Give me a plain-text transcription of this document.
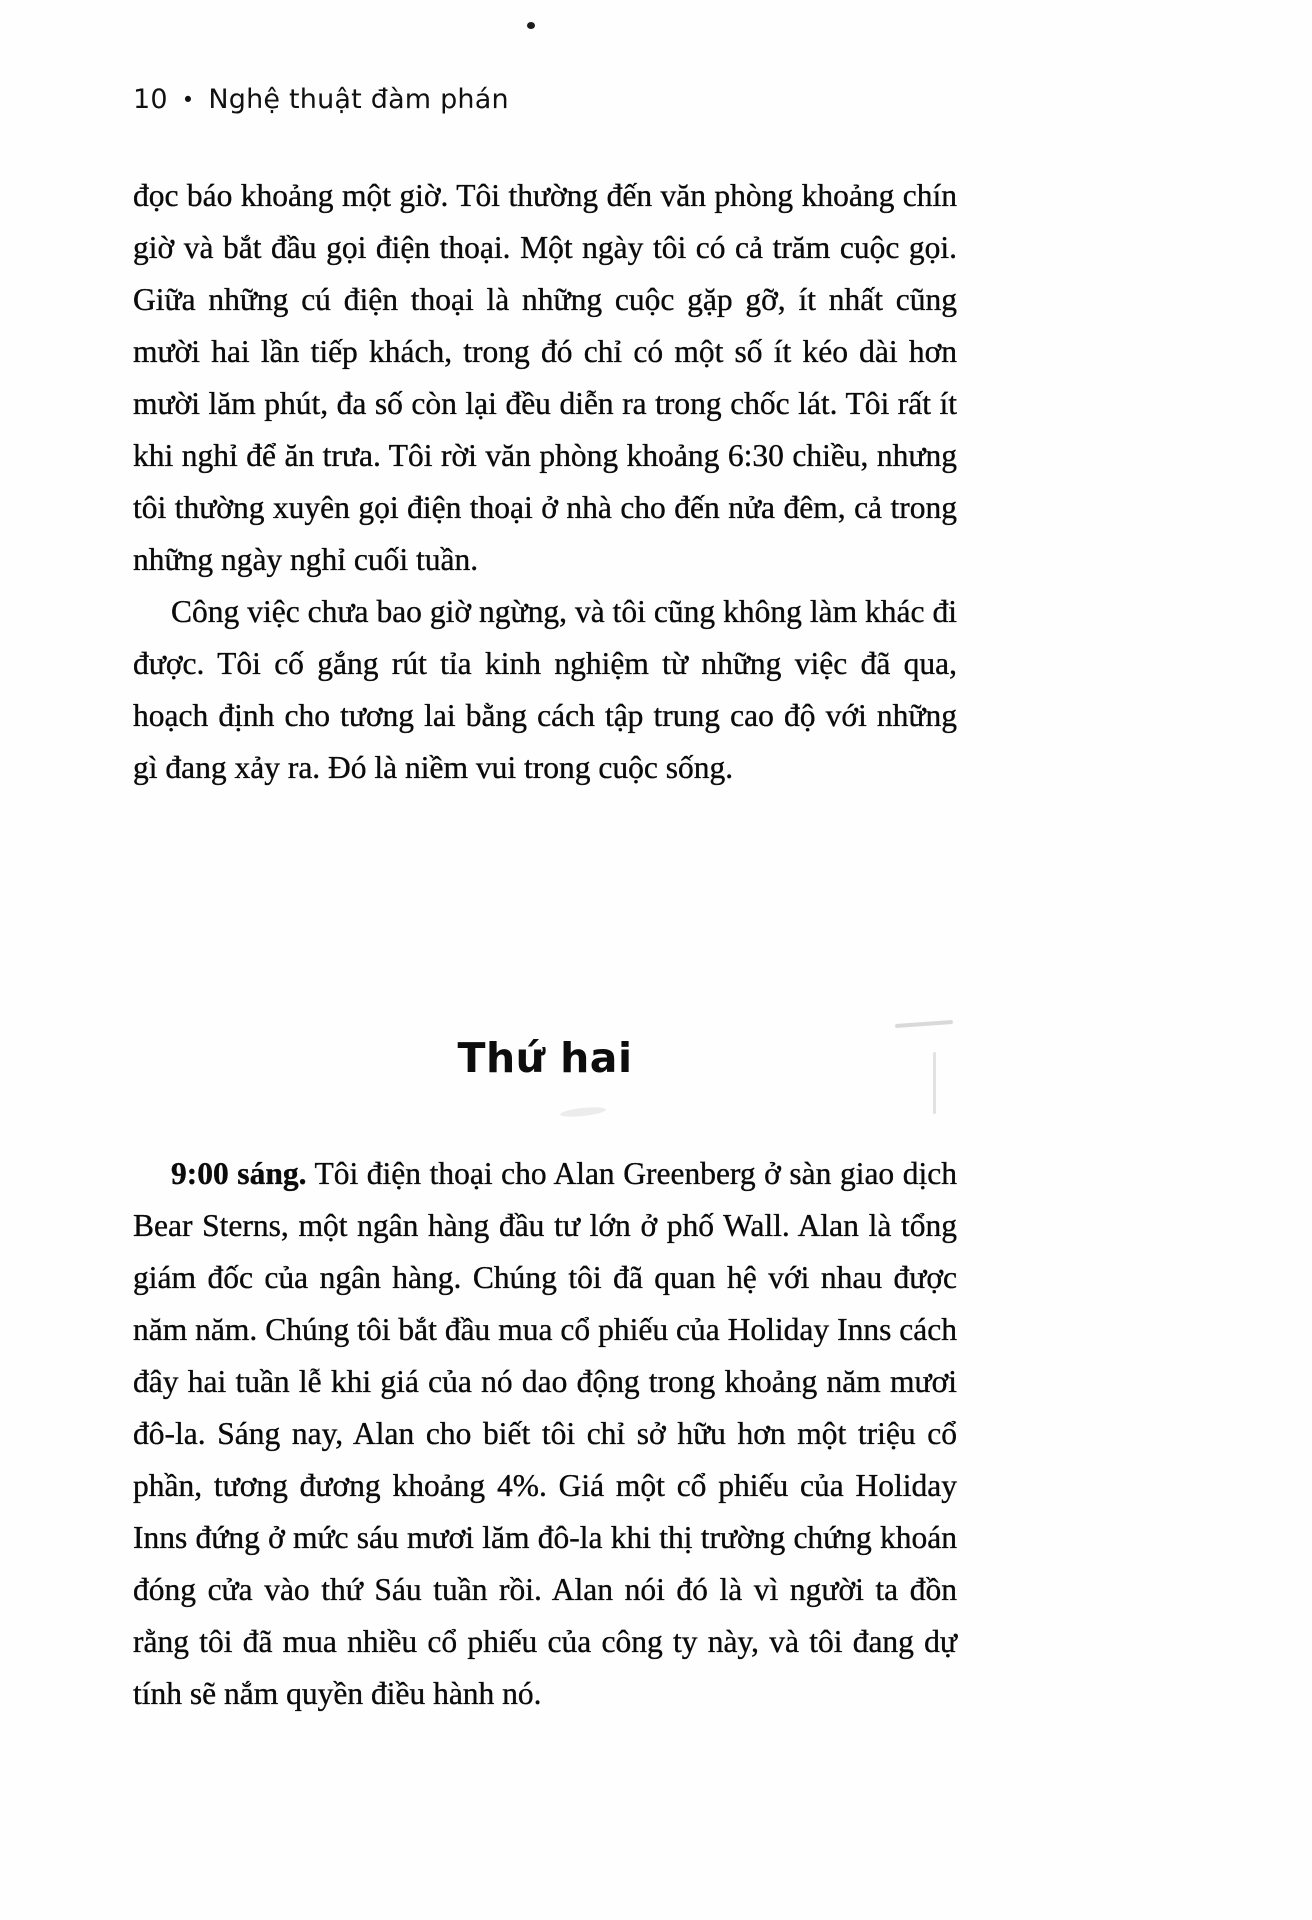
10 • Nghệ thuật đàm phán

đọc báo khoảng một giờ. Tôi thường đến văn phòng khoảng chín giờ và bắt đầu gọi điện thoại. Một ngày tôi có cả trăm cuộc gọi. Giữa những cú điện thoại là những cuộc gặp gỡ, ít nhất cũng mười hai lần tiếp khách, trong đó chỉ có một số ít kéo dài hơn mười lăm phút, đa số còn lại đều diễn ra trong chốc lát. Tôi rất ít khi nghỉ để ăn trưa. Tôi rời văn phòng khoảng 6:30 chiều, nhưng tôi thường xuyên gọi điện thoại ở nhà cho đến nửa đêm, cả trong những ngày nghỉ cuối tuần.

Công việc chưa bao giờ ngừng, và tôi cũng không làm khác đi được. Tôi cố gắng rút tỉa kinh nghiệm từ những việc đã qua, hoạch định cho tương lai bằng cách tập trung cao độ với những gì đang xảy ra. Đó là niềm vui trong cuộc sống.

Thứ hai

9:00 sáng. Tôi điện thoại cho Alan Greenberg ở sàn giao dịch Bear Sterns, một ngân hàng đầu tư lớn ở phố Wall. Alan là tổng giám đốc của ngân hàng. Chúng tôi đã quan hệ với nhau được năm năm. Chúng tôi bắt đầu mua cổ phiếu của Holiday Inns cách đây hai tuần lễ khi giá của nó dao động trong khoảng năm mươi đô-la. Sáng nay, Alan cho biết tôi chỉ sở hữu hơn một triệu cổ phần, tương đương khoảng 4%. Giá một cổ phiếu của Holiday Inns đứng ở mức sáu mươi lăm đô-la khi thị trường chứng khoán đóng cửa vào thứ Sáu tuần rồi. Alan nói đó là vì người ta đồn rằng tôi đã mua nhiều cổ phiếu của công ty này, và tôi đang dự tính sẽ nắm quyền điều hành nó.
